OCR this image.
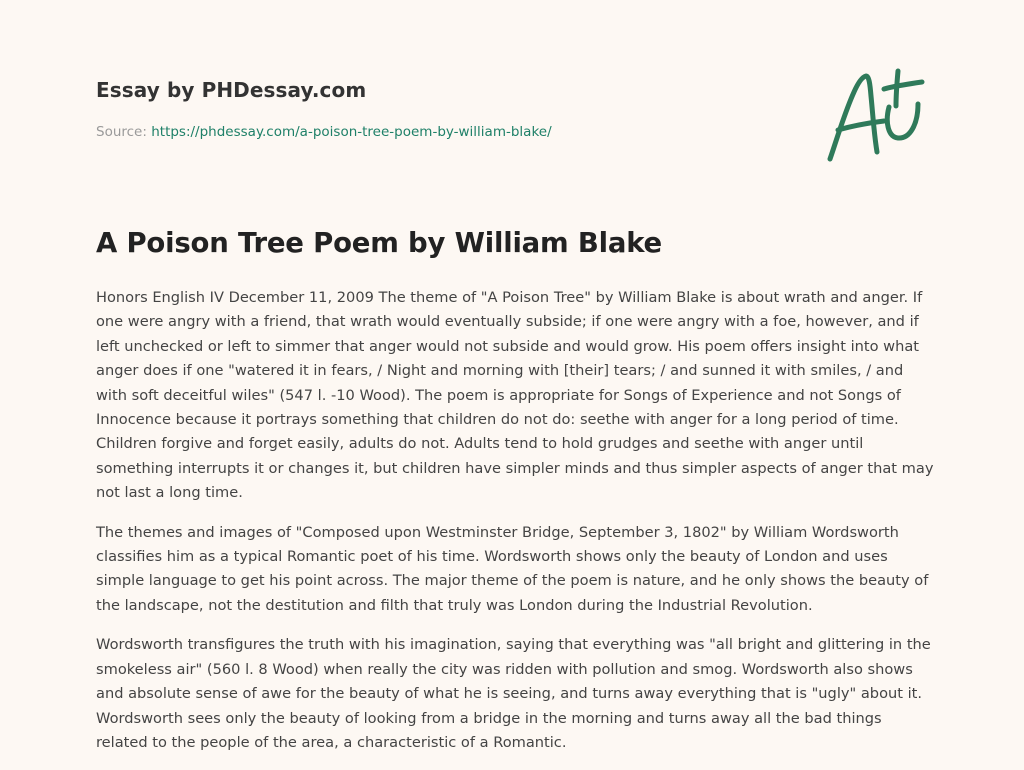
Essay by PHDessay.com
Source: https://phdessay.com/a-poison-tree-poem-by-william-blake/
A Poison Tree Poem by William Blake

Honors English IV December 11, 2009 The theme of "A Poison Tree" by William Blake is about wrath and anger. If one were angry with a friend, that wrath would eventually subside; if one were angry with a foe, however, and if left unchecked or left to simmer that anger would not subside and would grow. His poem offers insight into what anger does if one "watered it in fears, / Night and morning with [their] tears; / and sunned it with smiles, / and with soft deceitful wiles" (547 l. -10 Wood). The poem is appropriate for Songs of Experience and not Songs of Innocence because it portrays something that children do not do: seethe with anger for a long period of time. Children forgive and forget easily, adults do not. Adults tend to hold grudges and seethe with anger until something interrupts it or changes it, but children have simpler minds and thus simpler aspects of anger that may not last a long time.

The themes and images of "Composed upon Westminster Bridge, September 3, 1802" by William Wordsworth classifies him as a typical Romantic poet of his time. Wordsworth shows only the beauty of London and uses simple language to get his point across. The major theme of the poem is nature, and he only shows the beauty of the landscape, not the destitution and filth that truly was London during the Industrial Revolution.

Wordsworth transfigures the truth with his imagination, saying that everything was "all bright and glittering in the smokeless air" (560 l. 8 Wood) when really the city was ridden with pollution and smog. Wordsworth also shows and absolute sense of awe for the beauty of what he is seeing, and turns away everything that is "ugly" about it. Wordsworth sees only the beauty of looking from a bridge in the morning and turns away all the bad things related to the people of the area, a characteristic of a Romantic.
